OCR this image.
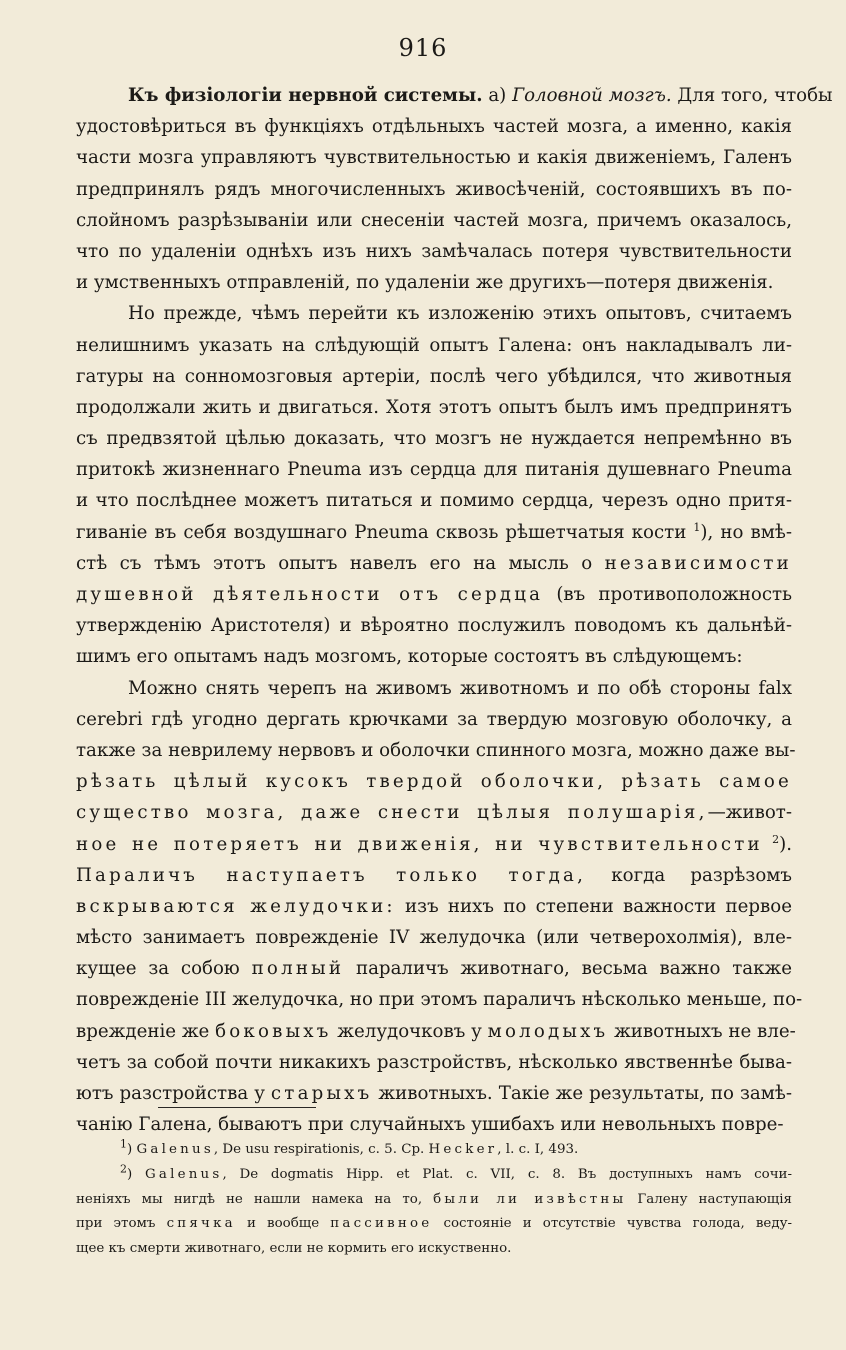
916
Къ физіологіи нервной системы. а) Головной мозгъ. Для того, чтобы
удостовѣриться въ функціяхъ отдѣльныхъ частей мозга, а именно, какія
части мозга управляютъ чувствительностью и какія движеніемъ, Галенъ
предпринялъ рядъ многочисленныхъ живосѣченій, состоявшихъ въ по-
слойномъ разрѣзываніи или снесеніи частей мозга, причемъ оказалось,
что по удаленіи однѣхъ изъ нихъ замѣчалась потеря чувствительности
и умственныхъ отправленій, по удаленіи же другихъ—потеря движенія.
Но прежде, чѣмъ перейти къ изложенію этихъ опытовъ, считаемъ
нелишнимъ указать на слѣдующій опытъ Галена: онъ накладывалъ ли-
гатуры на сонномозговыя артеріи, послѣ чего убѣдился, что животныя
продолжали жить и двигаться. Хотя этотъ опытъ былъ имъ предпринятъ
съ предвзятой цѣлью доказать, что мозгъ не нуждается непремѣнно въ
притокѣ жизненнаго Pneuma изъ сердца для питанія душевнаго Pneuma
и что послѣднее можетъ питаться и помимо сердца, черезъ одно притя-
гиваніе въ себя воздушнаго Pneuma сквозь рѣшетчатыя кости $^1$), но вмѣ-
стѣ съ тѣмъ этотъ опытъ навелъ его на мысль о независимости
душевной дѣятельности отъ сердца (въ противоположность
утвержденію Аристотеля) и вѣроятно послужилъ поводомъ къ дальнѣй-
шимъ его опытамъ надъ мозгомъ, которые состоятъ въ слѣдующемъ:
Можно снять черепъ на живомъ животномъ и по обѣ стороны falx
cerebri гдѣ угодно дергать крючками за твердую мозговую оболочку, а
также за неврилему нервовъ и оболочки спинного мозга, можно даже вы-
рѣзать цѣлый кусокъ твердой оболочки, рѣзать самое
существо мозга, даже снести цѣлыя полушарія,—живот-
ное не потеряетъ ни движенія, ни чувствительности $^2$).
Параличъ наступаетъ только тогда, когда разрѣзомъ
вскрываются желудочки: изъ нихъ по степени важности первое
мѣсто занимаетъ поврежденіе IV желудочка (или четверохолмія), вле-
кущее за собою полный параличъ животнаго, весьма важно также
поврежденіе III желудочка, но при этомъ параличъ нѣсколько меньше, по-
врежденіе же боковыхъ желудочковъ у молодыхъ животныхъ не вле-
четъ за собой почти никакихъ разстройствъ, нѣсколько явственнѣе быва-
ютъ разстройства у старыхъ животныхъ. Такіе же результаты, по замѣ-
чанію Галена, бываютъ при случайныхъ ушибахъ или невольныхъ повре-
$^1$) Galenus, De usu respirationis, c. 5. Ср. Hecker, l. c. I, 493.
$^2$) Galenus, De dogmatis Hipp. et Plat. c. VII, c. 8. Въ доступныхъ намъ сочи-
неніяхъ мы нигдѣ не нашли намека на то, были ли извѣстны Галену наступающія
при этомъ спячка и вообще пассивное состояніе и отсутствіе чувства голода, веду-
щее къ смерти животнаго, если не кормить его искуственно.
